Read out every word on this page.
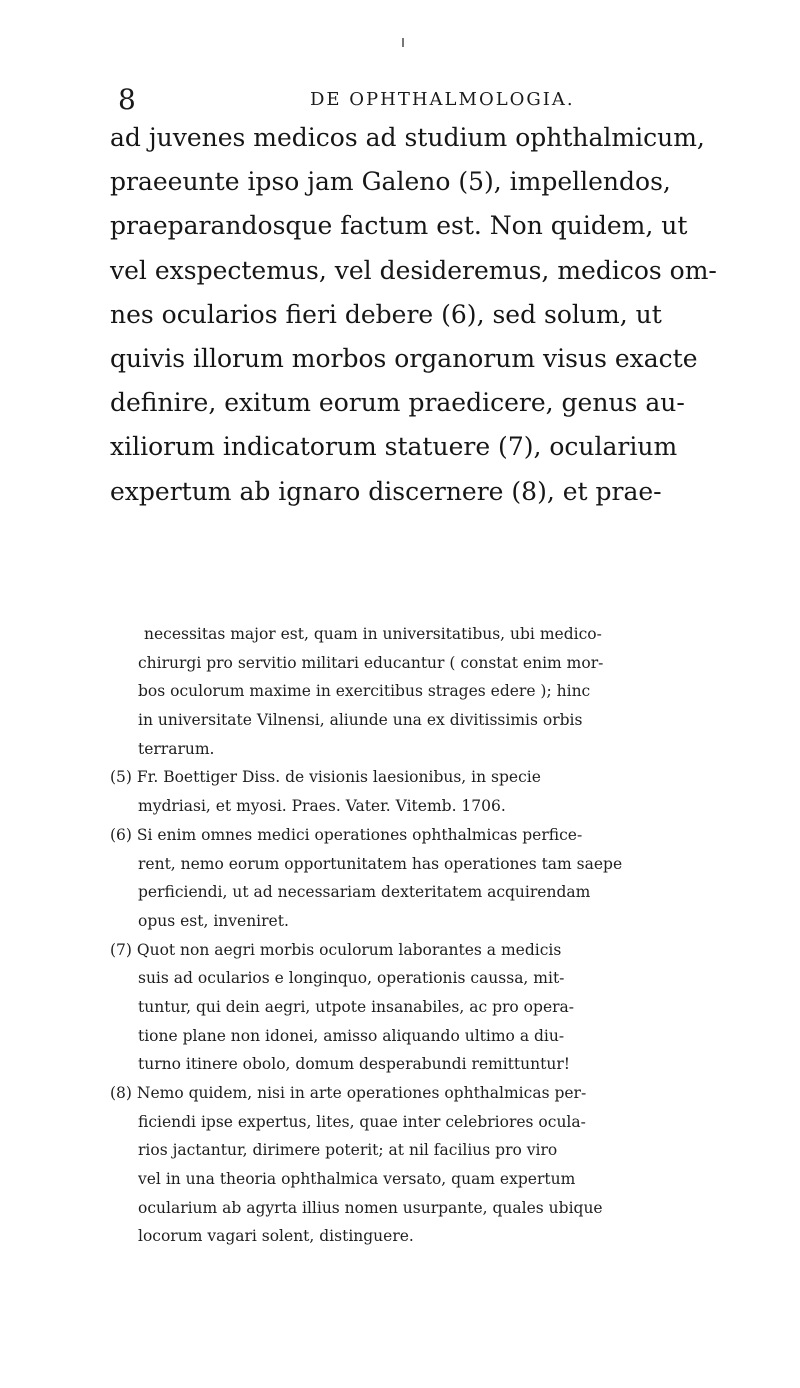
8	DE OPHTHALMOLOGIA.
ad juvenes medicos ad studium ophthalmicum,
praeeunte ipso jam Galeno (5), impellendos,
praeparandosque factum est. Non quidem, ut
vel exspectemus, vel desideremus, medicos om-
nes ocularios fieri debere (6), sed solum, ut
quivis illorum morbos organorum visus exacte
definire, exitum eorum praedicere, genus au-
xiliorum indicatorum statuere (7), ocularium
expertum ab ignaro discernere (8), et prae-
necessitas major est, quam in universitatibus, ubi medico-
chirurgi pro servitio militari educantur ( constat enim mor-
bos oculorum maxime in exercitibus strages edere ); hinc
in universitate Vilnensi, aliunde una ex divitissimis orbis
terrarum.
(5) Fr. Boettiger Diss. de visionis laesionibus, in specie
mydriasi, et myosi. Praes. Vater. Vitemb. 1706.
(6) Si enim omnes medici operationes ophthalmicas perfice-
rent, nemo eorum opportunitatem has operationes tam saepe
perficiendi, ut ad necessariam dexteritatem acquirendam
opus est, inveniret.
(7) Quot non aegri morbis oculorum laborantes a medicis
suis ad ocularios e longinquo, operationis caussa, mit-
tuntur, qui dein aegri, utpote insanabiles, ac pro opera-
tione plane non idonei, amisso aliquando ultimo a diu-
turno itinere obolo, domum desperabundi remittuntur!
(8) Nemo quidem, nisi in arte operationes ophthalmicas per-
ficiendi ipse expertus, lites, quae inter celebriores ocula-
rios jactantur, dirimere poterit; at nil facilius pro viro
vel in una theoria ophthalmica versato, quam expertum
ocularium ab agyrta illius nomen usurpante, quales ubique
locorum vagari solent, distinguere.
